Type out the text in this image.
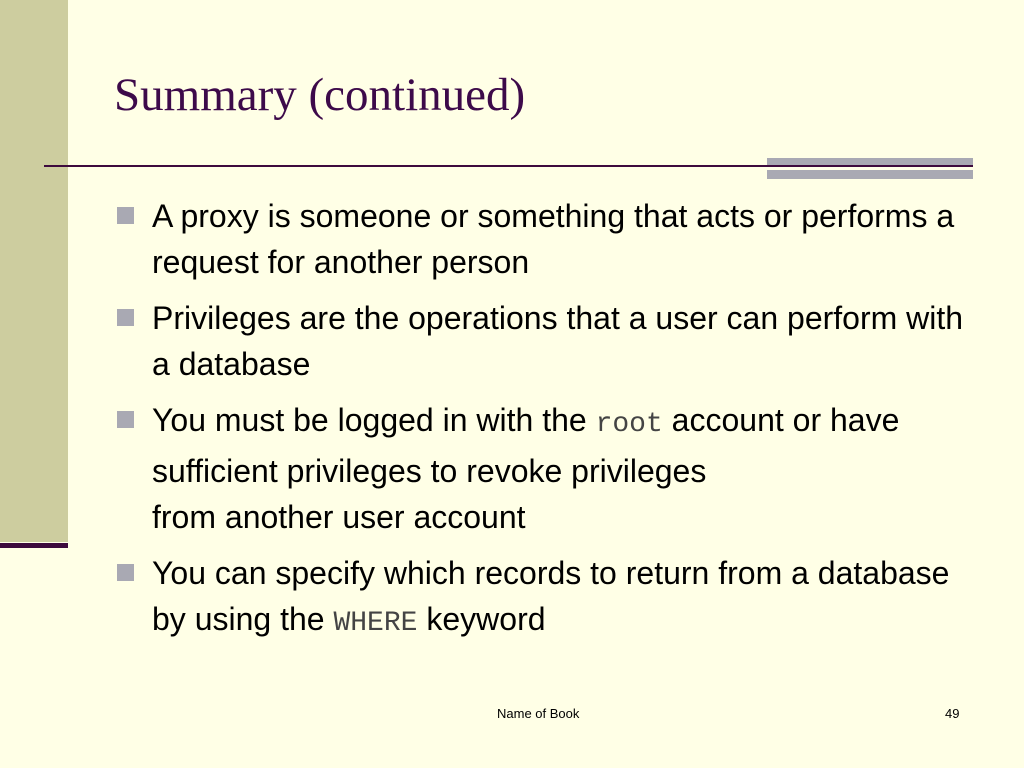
Summary (continued)
A proxy is someone or something that acts or performs a request for another person
Privileges are the operations that a user can perform with a database
You must be logged in with the root account or have sufficient privileges to revoke privileges
from another user account
You can specify which records to return from a database by using the WHERE keyword
Name of Book	49
